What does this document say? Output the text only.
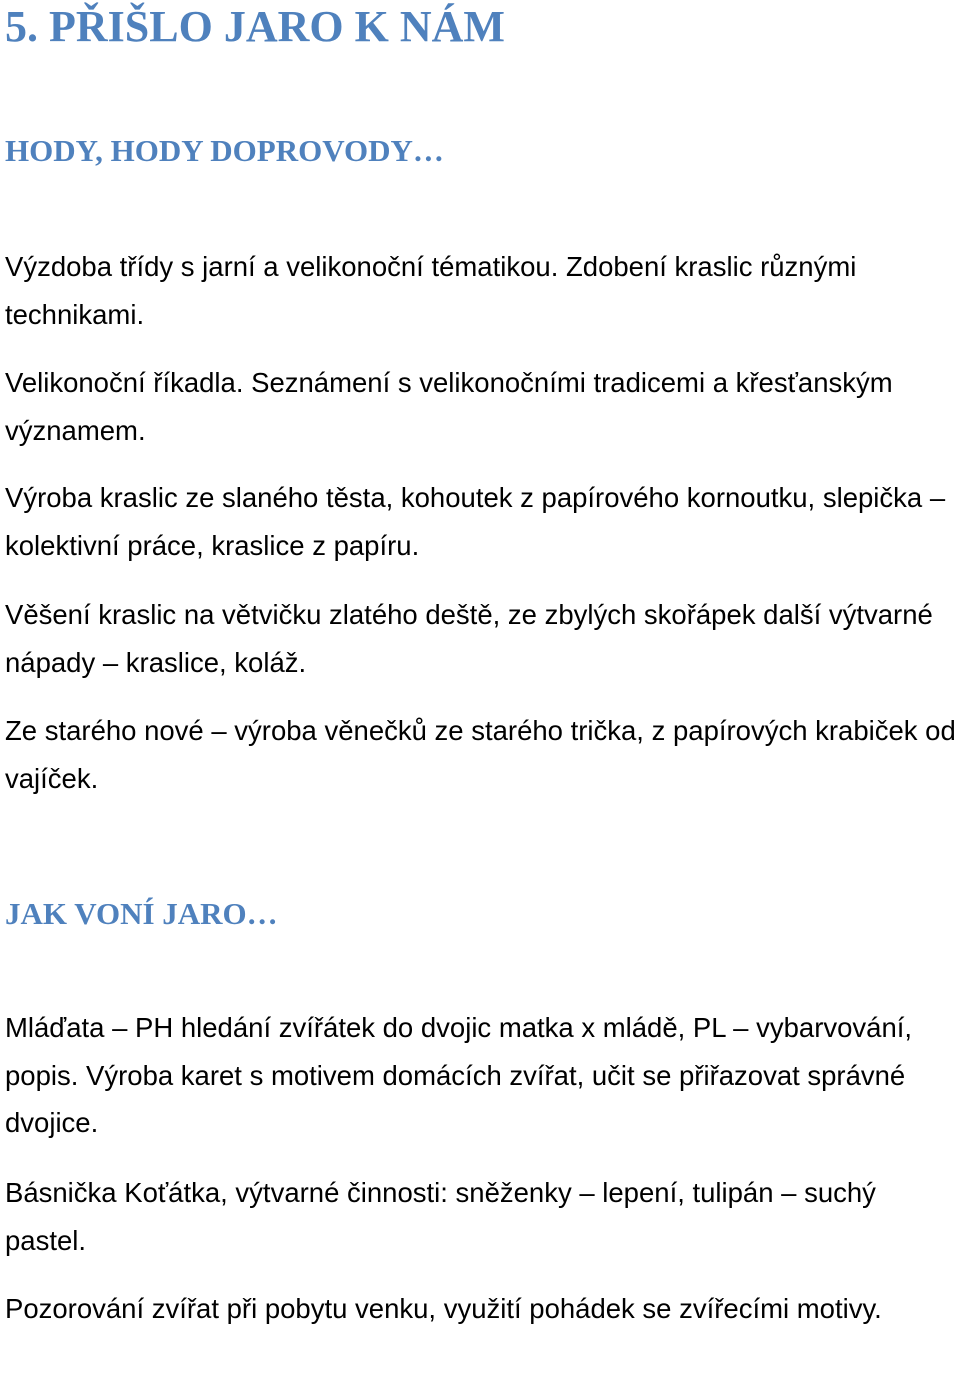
5. PŘIŠLO JARO K NÁM
HODY, HODY DOPROVODY…

Výzdoba třídy s jarní a velikonoční tématikou. Zdobení kraslic různými technikami.

Velikonoční říkadla. Seznámení s velikonočními tradicemi a křesťanským významem.

Výroba kraslic ze slaného těsta, kohoutek z papírového kornoutku, slepička – kolektivní práce, kraslice z papíru.

Věšení kraslic na větvičku zlatého deště, ze zbylých skořápek další výtvarné nápady – kraslice, koláž.

Ze starého nové – výroba věnečků ze starého trička, z papírových krabiček od vajíček.

JAK VONÍ JARO…

Mláďata – PH hledání zvířátek do dvojic matka x mládě, PL – vybarvování, popis. Výroba karet s motivem domácích zvířat, učit se přiřazovat správné dvojice.

Básnička Koťátka, výtvarné činnosti: sněženky – lepení, tulipán – suchý pastel.

Pozorování zvířat při pobytu venku, využití pohádek se zvířecími motivy.
